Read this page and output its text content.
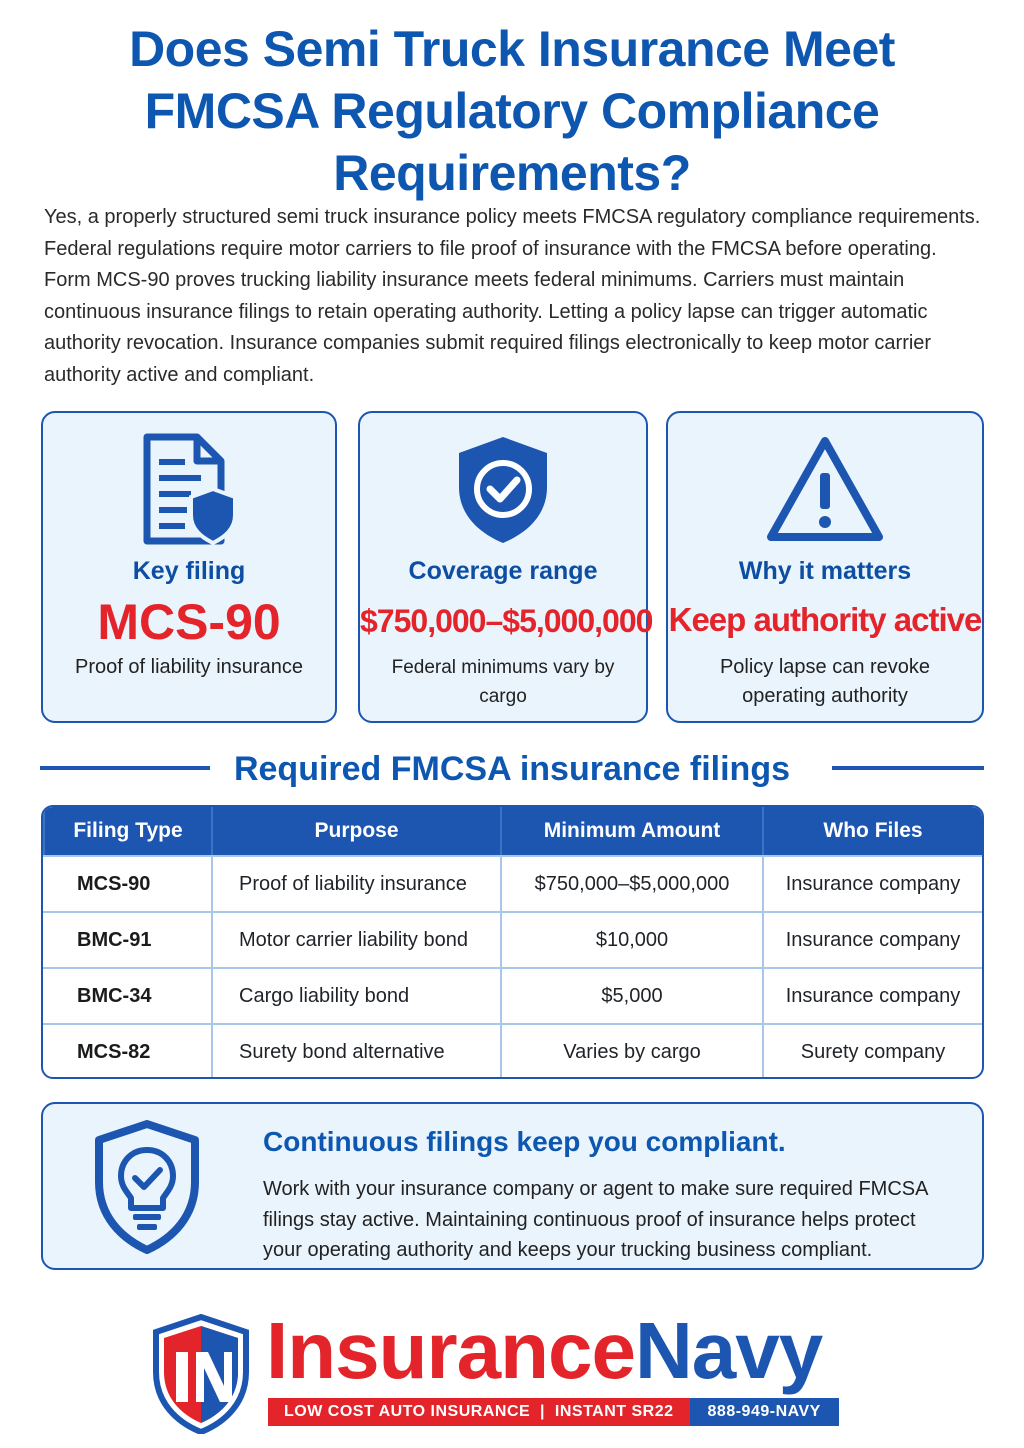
Does Semi Truck Insurance Meet FMCSA Regulatory Compliance Requirements?

Yes, a properly structured semi truck insurance policy meets FMCSA regulatory compliance requirements. Federal regulations require motor carriers to file proof of insurance with the FMCSA before operating. Form MCS-90 proves trucking liability insurance meets federal minimums. Carriers must maintain continuous insurance filings to retain operating authority. Letting a policy lapse can trigger automatic authority revocation. Insurance companies submit required filings electronically to keep motor carrier authority active and compliant.

Key filing
MCS-90
Proof of liability insurance
Coverage range
$750,000–$5,000,000
Federal minimums vary by cargo
Why it matters
Keep authority active
Policy lapse can revoke operating authority
Required FMCSA insurance filings
Filing Type	Purpose	Minimum Amount	Who Files
MCS-90	Proof of liability insurance	$750,000–$5,000,000	Insurance company
BMC-91	Motor carrier liability bond	$10,000	Insurance company
BMC-34	Cargo liability bond	$5,000	Insurance company
MCS-82	Surety bond alternative	Varies by cargo	Surety company
Continuous filings keep you compliant.

Work with your insurance company or agent to make sure required FMCSA filings stay active. Maintaining continuous proof of insurance helps protect your operating authority and keeps your trucking business compliant.

InsuranceNavy
LOW COST AUTO INSURANCE  |  INSTANT SR22	888-949-NAVY
